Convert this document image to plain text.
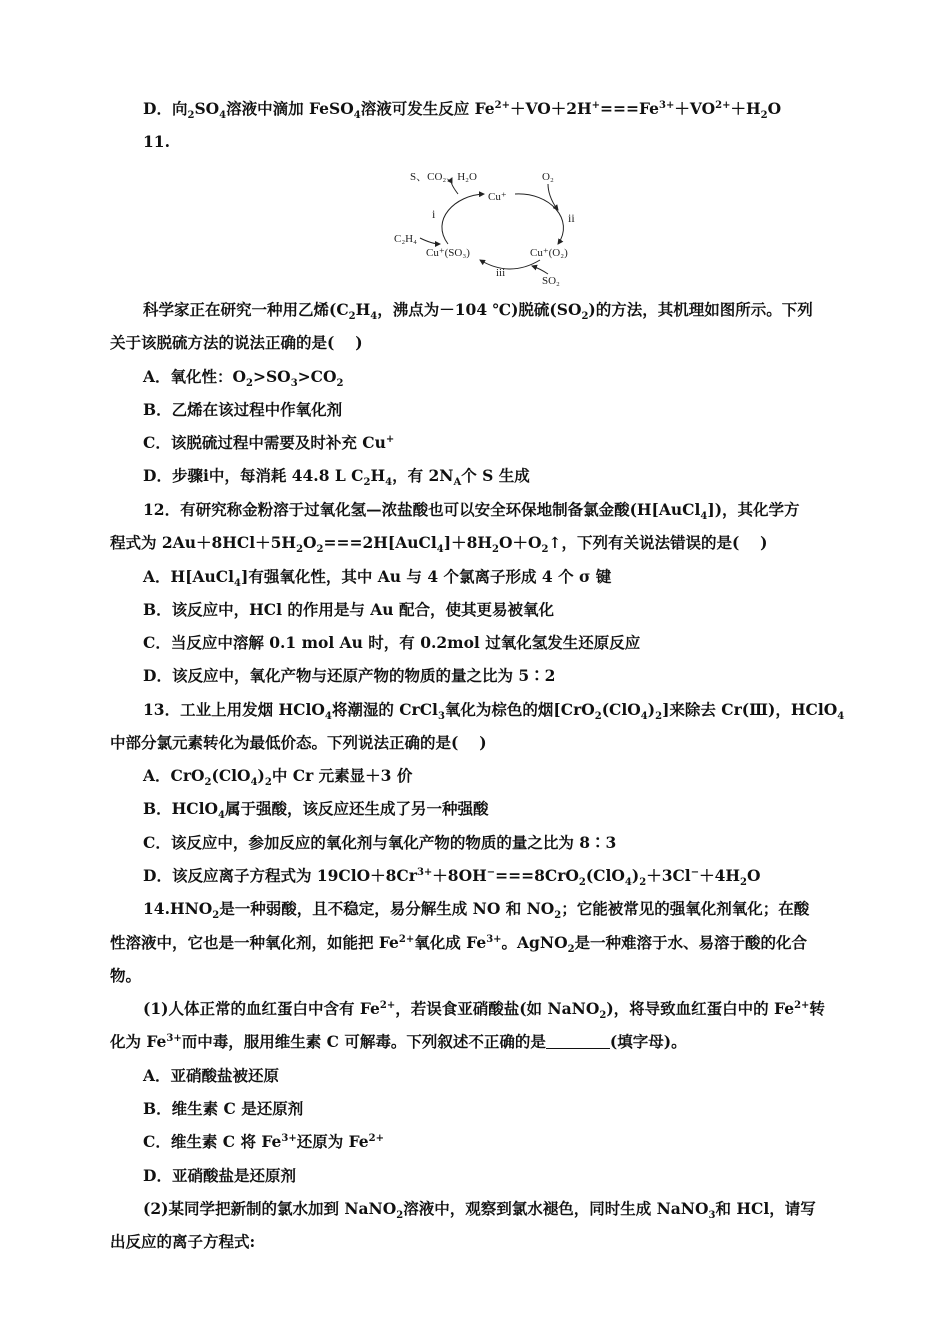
D．向$_2SO_4$溶液中滴加 FeSO$_4$溶液可发生反应 $Fe^{2+}+VO+2H^+===Fe^{3+}+VO^{2+}+H_2O$
11.
S、CO₂、H₂O	O₂
Cu⁺
i	ii
C₂H₄
Cu⁺(SO₃)	Cu⁺(O₂)
iii
SO₂
科学家正在研究一种用乙烯($C_2H_4$，沸点为－104 ℃)脱硫$(SO_2)$的方法，其机理如图所示。下列
关于该脱硫方法的说法正确的是(　 )
A．氧化性：$O_2>SO_3>CO_2$
B．乙烯在该过程中作氧化剂
C．该脱硫过程中需要及时补充 Cu+
D．步骤ⅰ中，每消耗 44.8 L $C_2H_4$，有 $2N_A$个 S 生成
12．有研究称金粉溶于过氧化氢—浓盐酸也可以安全环保地制备氯金酸(H[AuCl$_4$])，其化学方
程式为 $2Au+8HCl+5H_2O_2===2H[AuCl_4]+8H_2O+O_2↑$，下列有关说法错误的是(　 )
A．H[AuCl$_4$]有强氧化性，其中 Au 与 4 个氯离子形成 4 个 σ 键
B．该反应中，HCl 的作用是与 Au 配合，使其更易被氧化
C．当反应中溶解 0.1 mol Au 时，有 0.2mol 过氧化氢发生还原反应
D．该反应中，氧化产物与还原产物的物质的量之比为 5∶2
13．工业上用发烟 HClO$_4$将潮湿的 CrCl$_3$氧化为棕色的烟$[CrO_2(ClO_4)_2]$来除去 Cr(Ⅲ)，HClO$_4$
中部分氯元素转化为最低价态。下列说法正确的是(　 )
A．$CrO_2(ClO_4)_2$中 Cr 元素显＋3 价
B．HClO$_4$属于强酸，该反应还生成了另一种强酸
C．该反应中，参加反应的氧化剂与氧化产物的物质的量之比为 8∶3
D．该反应离子方程式为 $19ClO+8Cr^{3+}+8OH^-===8CrO_2(ClO_4)_2+3Cl^-+4H_2O$
$14.HNO_2$是一种弱酸，且不稳定，易分解生成 NO 和 $NO_2$；它能被常见的强氧化剂氧化；在酸
性溶液中，它也是一种氧化剂，如能把 $Fe^{2+}$氧化成 $Fe^{3+}$。AgNO$_2$是一种难溶于水、易溶于酸的化合
物。
(1)人体正常的血红蛋白中含有 $Fe^{2+}$，若误食亚硝酸盐(如 NaNO$_2$)，将导致血红蛋白中的 $Fe^{2+}$转
化为 $Fe^{3+}$而中毒，服用维生素 C 可解毒。下列叙述不正确的是	(填字母)。
A．亚硝酸盐被还原
B．维生素 C 是还原剂
C．维生素 C 将 $Fe^{3+}$还原为 $Fe^{2+}$
D．亚硝酸盐是还原剂
(2)某同学把新制的氯水加到 NaNO$_2$溶液中，观察到氯水褪色，同时生成 NaNO$_3$和 HCl，请写
出反应的离子方程式:
